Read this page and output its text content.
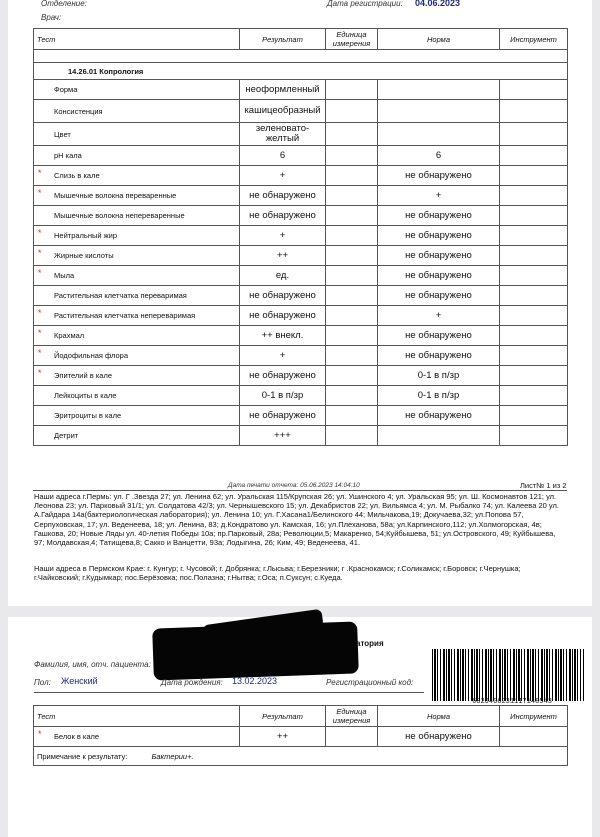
Отделение:
Врач:
Дата регистрации: 04.06.2023
Тест	Результат	Единица измерения	Норма	Инструмент

14.26.01 Копрология				

Форма	неоформленный			

Консистенция	кашицеобразный			

Цвет	зеленовато-желтый			

pH кала	6		6	

* Слизь в кале	+		не обнаружено	

* Мышечные волокна переваренные	не обнаружено		+	

Мышечные волокна непереваренные	не обнаружено		не обнаружено	

* Нейтральный жир	+		не обнаружено	

* Жирные кислоты	++		не обнаружено	

* Мыла	ед.		не обнаружено	

Растительная клетчатка переваримая	не обнаружено		не обнаружено	

* Растительная клетчатка непереваримая	не обнаружено		+	

* Крахмал	++ внекл.		не обнаружено	

* Йодофильная флора	+		не обнаружено	

* Эпителий в кале	не обнаружено		0-1 в п/зр	

Лейкоциты в кале	0-1 в п/зр		0-1 в п/зр	

Эритроциты в кале	не обнаружено		не обнаружено	

Детрит	+++			
Дата печати отчета: 05.06.2023 14:04:10	Лист№ 1 из 2
Наши адреса г.Пермь: ул. Г .Звезда 27; ул. Ленина 62; ул. Уральская 115/Крупская 26; ул. Ушинского 4; ул. Уральская 95; ул. Ш. Космонавтов 121; ул. Леонова 23; ул. Парковый 31/1; ул. Солдатова 42/3; ул. Чернышевского 15; ул. Декабристов 22; ул. Вильямса 4; ул. М. Рыбалко 74; ул. Калеева 20 ул. А.Гайдара 14а(бактериологическая лаборатория); ул. Ленина 10; ул. Г.Хасана1/Белинского 44; Мильчакова,19; Докучаева,32; ул.Попова 57, Серпуховская, 17; ул. Веденеева, 18; ул. Ленина, 83; д.Кондратово ул. Камская, 16; ул.Плеханова, 58а; ул.Карпинского,112; ул.Холмогорская, 4в; Гашкова, 20; Новые Ляды ул. 40-летия Победы 10а; пр.Парковый, 28а; Революции,5; Макаренко, 54;Куйбышева, 51; ул.Островского, 49; Куйбышева, 97; Молдавская,4; Татищева,8; Сакко и Ванцетти, 93а; Лодыгина, 26; Ким, 49; Веденеева, 41.
Наши адреса в Пермском Крае: г. Кунгур; г. Чусовой; г. Добрянка; г.Лысьва; г.Березники; г .Краснокамск; г.Соликамск; г.Боровск; г.Чернушка; г.Чайковский; г.Кудымкар; пос.Берёзовка; пос.Полазна; г.Нытва; г.Оса; п.Суксун; с.Куеда.
атория
Фамилия, имя, отч. пациента:
Пол: Женский	Дата рождения: 13.02.2023	Регистрационный код:
6820406231117148543
Тест	Результат	Единица измерения	Норма	Инструмент

* Белок в кале	++		не обнаружено	
Примечание к результату: Бактерии+.				
